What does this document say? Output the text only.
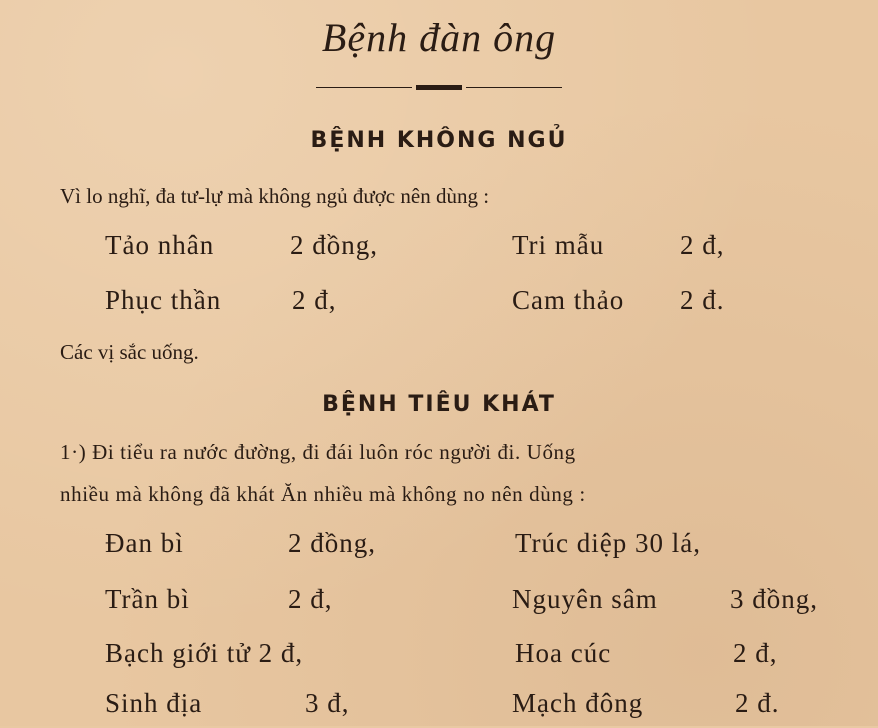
Bệnh đàn ông
BỆNH KHÔNG NGỦ
Vì lo nghĩ, đa tư-lự mà không ngủ được nên dùng :
Tảo nhân	2 đồng,	Tri mẫu	2 đ,
Phục thần	2 đ,	Cam thảo 2 đ.
Các vị sắc uống.
BỆNH TIÊU KHÁT
1·) Đi tiểu ra nước đường, đi đái luôn róc người đi. Uống
nhiều mà không đã khát Ăn nhiều mà không no nên dùng :
Đan bì	2 đồng,	Trúc diệp 30 lá,
Trần bì	2 đ,	Nguyên sâm	3 đồng,
Bạch giới tử 2 đ,	Hoa cúc	2 đ,
Sinh địa	3 đ,	Mạch đông	2 đ.
